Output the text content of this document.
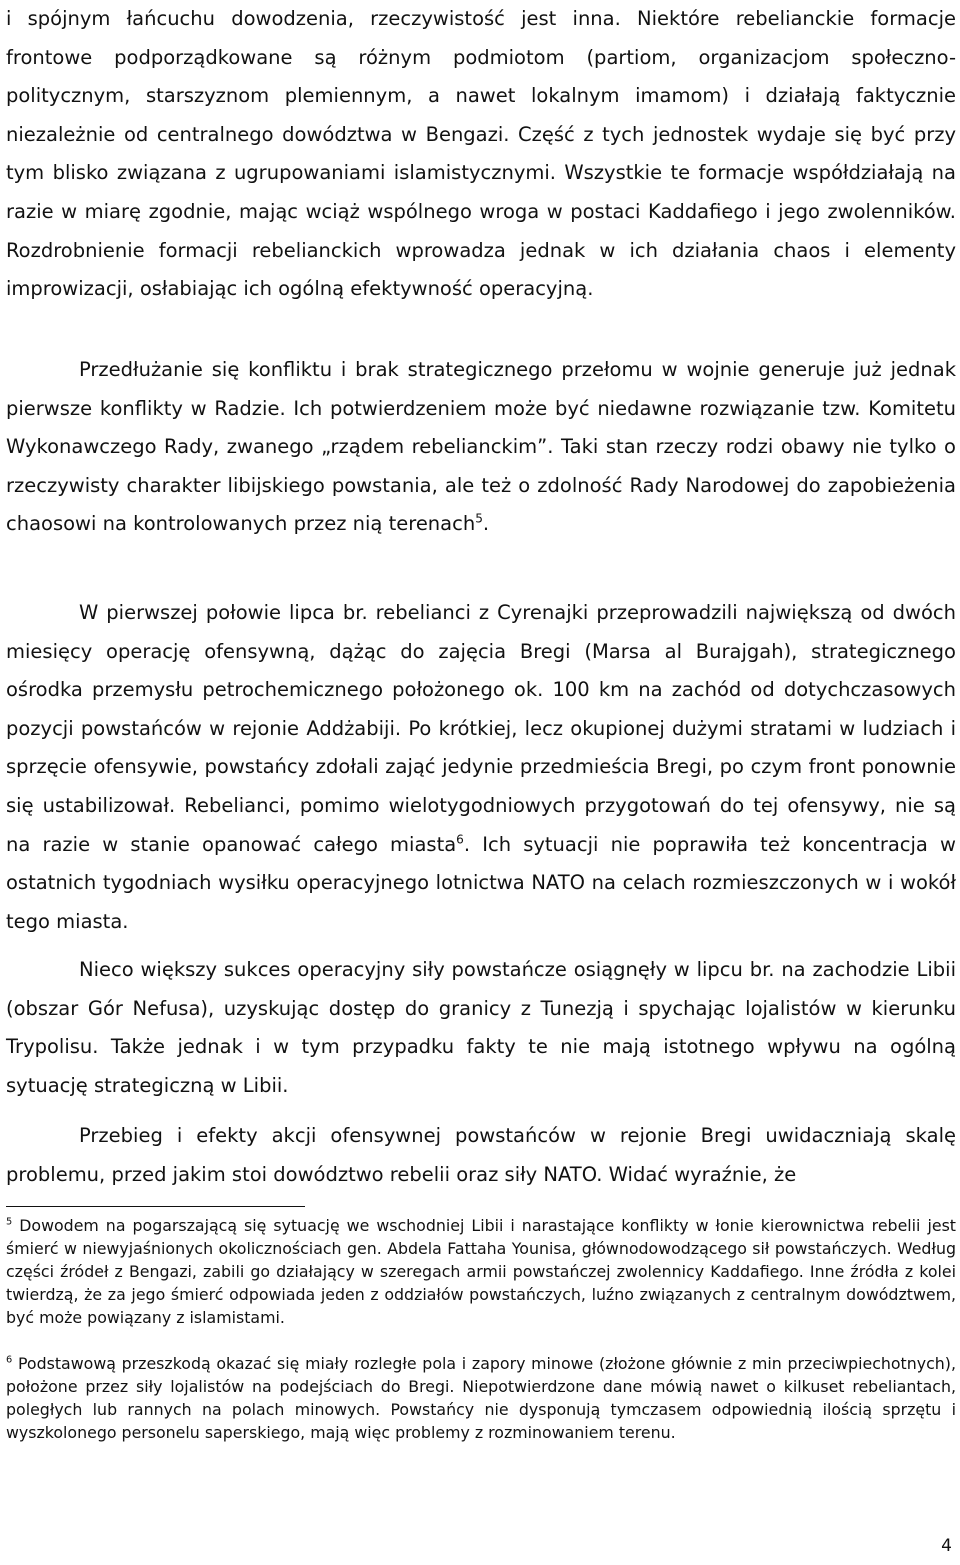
i spójnym łańcuchu dowodzenia, rzeczywistość jest inna. Niektóre rebelianckie formacje frontowe podporządkowane są różnym podmiotom (partiom, organizacjom społeczno-politycznym, starszyznom plemiennym, a nawet lokalnym imamom) i działają faktycznie niezależnie od centralnego dowództwa w Bengazi. Część z tych jednostek wydaje się być przy tym blisko związana z ugrupowaniami islamistycznymi. Wszystkie te formacje współdziałają na razie w miarę zgodnie, mając wciąż wspólnego wroga w postaci Kaddafiego i jego zwolenników. Rozdrobnienie formacji rebelianckich wprowadza jednak w ich działania chaos i elementy improwizacji, osłabiając ich ogólną efektywność operacyjną.

Przedłużanie się konfliktu i brak strategicznego przełomu w wojnie generuje już jednak pierwsze konflikty w Radzie. Ich potwierdzeniem może być niedawne rozwiązanie tzw. Komitetu Wykonawczego Rady, zwanego „rządem rebelianckim”. Taki stan rzeczy rodzi obawy nie tylko o rzeczywisty charakter libijskiego powstania, ale też o zdolność Rady Narodowej do zapobieżenia chaosowi na kontrolowanych przez nią terenach$^5$.

W pierwszej połowie lipca br. rebelianci z Cyrenajki przeprowadzili największą od dwóch miesięcy operację ofensywną, dążąc do zajęcia Bregi (Marsa al Burajgah), strategicznego ośrodka przemysłu petrochemicznego położonego ok. 100 km na zachód od dotychczasowych pozycji powstańców w rejonie Addżabiji. Po krótkiej, lecz okupionej dużymi stratami w ludziach i sprzęcie ofensywie, powstańcy zdołali zająć jedynie przedmieścia Bregi, po czym front ponownie się ustabilizował. Rebelianci, pomimo wielotygodniowych przygotowań do tej ofensywy, nie są na razie w stanie opanować całego miasta$^6$. Ich sytuacji nie poprawiła też koncentracja w ostatnich tygodniach wysiłku operacyjnego lotnictwa NATO na celach rozmieszczonych w i wokół tego miasta.

Nieco większy sukces operacyjny siły powstańcze osiągnęły w lipcu br. na zachodzie Libii (obszar Gór Nefusa), uzyskując dostęp do granicy z Tunezją i spychając lojalistów w kierunku Trypolisu. Także jednak i w tym przypadku fakty te nie mają istotnego wpływu na ogólną sytuację strategiczną w Libii.

Przebieg i efekty akcji ofensywnej powstańców w rejonie Bregi uwidaczniają skalę problemu, przed jakim stoi dowództwo rebelii oraz siły NATO. Widać wyraźnie, że

$^5$ Dowodem na pogarszającą się sytuację we wschodniej Libii i narastające konflikty w łonie kierownictwa rebelii jest śmierć w niewyjaśnionych okolicznościach gen. Abdela Fattaha Younisa, głównodowodzącego sił powstańczych. Według części źródeł z Bengazi, zabili go działający w szeregach armii powstańczej zwolennicy Kaddafiego. Inne źródła z kolei twierdzą, że za jego śmierć odpowiada jeden z oddziałów powstańczych, luźno związanych z centralnym dowództwem, być może powiązany z islamistami.
$^6$ Podstawową przeszkodą okazać się miały rozległe pola i zapory minowe (złożone głównie z min przeciwpiechotnych), położone przez siły lojalistów na podejściach do Bregi. Niepotwierdzone dane mówią nawet o kilkuset rebeliantach, poległych lub rannych na polach minowych. Powstańcy nie dysponują tymczasem odpowiednią ilością sprzętu i wyszkolonego personelu saperskiego, mają więc problemy z rozminowaniem terenu.
4
